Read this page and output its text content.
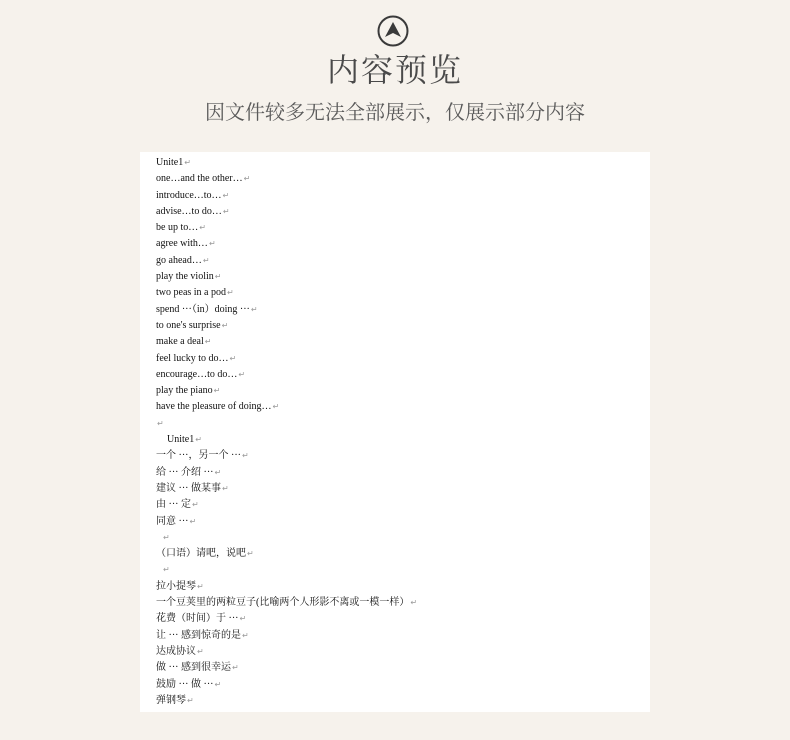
内容预览
因文件较多无法全部展示，仅展示部分内容
Unite1↵
one…and the other…↵
introduce…to…↵
advise…to do…↵
be up to…↵
agree with…↵
go ahead…↵
play the violin↵
two peas in a pod↵
spend ···（in）doing ···↵
to one's surprise↵
make a deal↵
feel lucky to do…↵
encourage…to do…↵
play the piano↵
have the pleasure of doing…↵
↵
Unite1↵
一个 ···，另一个 ···↵
给 ··· 介绍 ···↵
建议 ··· 做某事↵
由 ··· 定↵
同意 ···↵
↵
（口语）请吧，说吧↵
↵
拉小提琴↵
一个豆荚里的两粒豆子(比喻两个人形影不离或一模一样）↵
花费（时间）于 ···↵
让 ··· 感到惊奇的是↵
达成协议↵
做 ··· 感到很幸运↵
鼓励 ··· 做 ···↵
弹钢琴↵
